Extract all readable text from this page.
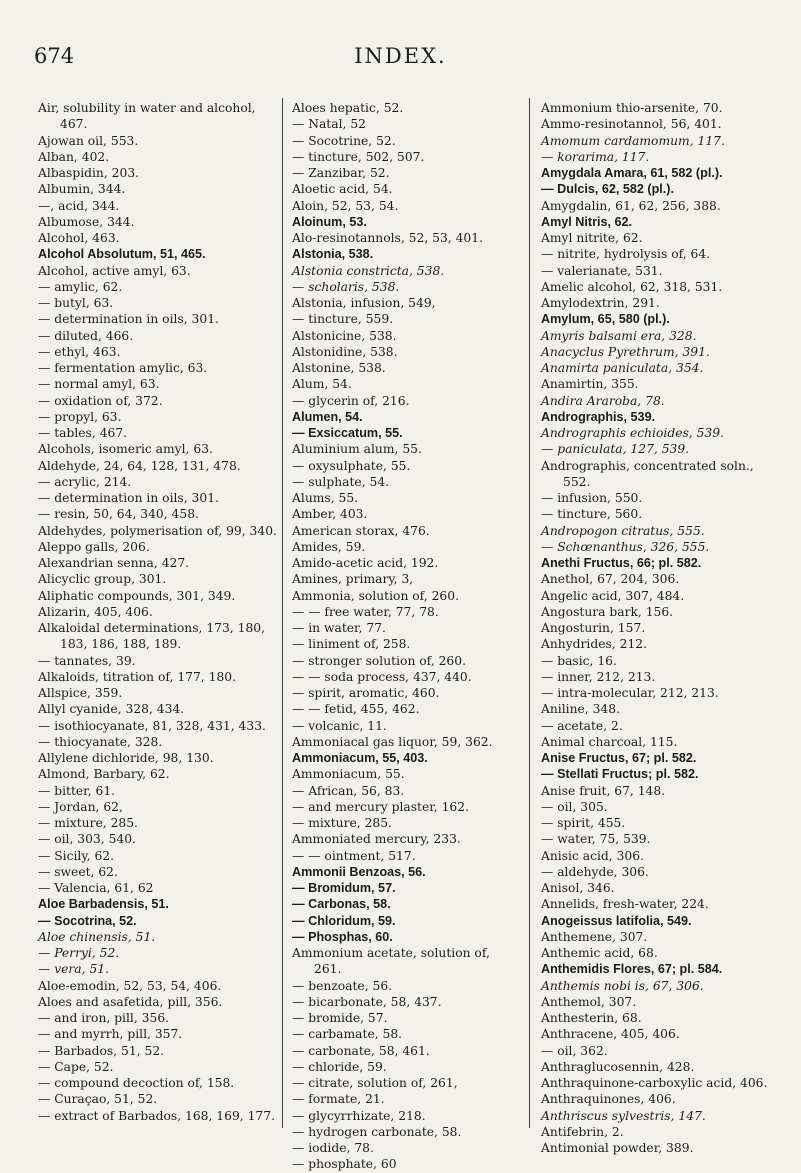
674	INDEX.
Air, solubility in water and alcohol, 467.
Ajowan oil, 553.
Alban, 402.
Albaspidin, 203.
Albumin, 344.
—, acid, 344.
Albumose, 344.
Alcohol, 463.
Alcohol Absolutum, 51, 465.
Alcohol, active amyl, 63.
— amylic, 62.
— butyl, 63.
— determination in oils, 301.
— diluted, 466.
— ethyl, 463.
— fermentation amylic, 63.
— normal amyl, 63.
— oxidation of, 372.
— propyl, 63.
— tables, 467.
Alcohols, isomeric amyl, 63.
Aldehyde, 24, 64, 128, 131, 478.
— acrylic, 214.
— determination in oils, 301.
— resin, 50, 64, 340, 458.
Aldehydes, polymerisation of, 99, 340.
Aleppo galls, 206.
Alexandrian senna, 427.
Alicyclic group, 301.
Aliphatic compounds, 301, 349.
Alizarin, 405, 406.
Alkaloidal determinations, 173, 180, 183, 186, 188, 189.
— tannates, 39.
Alkaloids, titration of, 177, 180.
Allspice, 359.
Allyl cyanide, 328, 434.
— isothiocyanate, 81, 328, 431, 433.
— thiocyanate, 328.
Allylene dichloride, 98, 130.
Almond, Barbary, 62.
— bitter, 61.
— Jordan, 62,
— mixture, 285.
— oil, 303, 540.
— Sicily, 62.
— sweet, 62.
— Valencia, 61, 62
Aloe Barbadensis, 51.
— Socotrina, 52.
Aloe chinensis, 51.
— Perryi, 52.
— vera, 51.
Aloe-emodin, 52, 53, 54, 406.
Aloes and asafetida, pill, 356.
— and iron, pill, 356.
— and myrrh, pill, 357.
— Barbados, 51, 52.
— Cape, 52.
— compound decoction of, 158.
— Curaçao, 51, 52.
— extract of Barbados, 168, 169, 177.
Aloes hepatic, 52.
— Natal, 52
— Socotrine, 52.
— tincture, 502, 507.
— Zanzibar, 52.
Aloetic acid, 54.
Aloin, 52, 53, 54.
Aloinum, 53.
Alo-resinotannols, 52, 53, 401.
Alstonia, 538.
Alstonia constricta, 538.
— scholaris, 538.
Alstonia, infusion, 549,
— tincture, 559.
Alstonicine, 538.
Alstonidine, 538.
Alstonine, 538.
Alum, 54.
— glycerin of, 216.
Alumen, 54.
— Exsiccatum, 55.
Aluminium alum, 55.
— oxysulphate, 55.
— sulphate, 54.
Alums, 55.
Amber, 403.
American storax, 476.
Amides, 59.
Amido-acetic acid, 192.
Amines, primary, 3,
Ammonia, solution of, 260.
— — free water, 77, 78.
— in water, 77.
— liniment of, 258.
— stronger solution of, 260.
— — soda process, 437, 440.
— spirit, aromatic, 460.
— — fetid, 455, 462.
— volcanic, 11.
Ammoniacal gas liquor, 59, 362.
Ammoniacum, 55, 403.
Ammoniacum, 55.
— African, 56, 83.
— and mercury plaster, 162.
— mixture, 285.
Ammoniated mercury, 233.
— — ointment, 517.
Ammonii Benzoas, 56.
— Bromidum, 57.
— Carbonas, 58.
— Chloridum, 59.
— Phosphas, 60.
Ammonium acetate, solution of, 261.
— benzoate, 56.
— bicarbonate, 58, 437.
— bromide, 57.
— carbamate, 58.
— carbonate, 58, 461.
— chloride, 59.
— citrate, solution of, 261,
— formate, 21.
— glycyrrhizate, 218.
— hydrogen carbonate, 58.
— iodide, 78.
— phosphate, 60
Ammonium thio-arsenite, 70.
Ammo-resinotannol, 56, 401.
Amomum cardamomum, 117.
— korarima, 117.
Amygdala Amara, 61, 582 (pl.).
— Dulcis, 62, 582 (pl.).
Amygdalin, 61, 62, 256, 388.
Amyl Nitris, 62.
Amyl nitrite, 62.
— nitrite, hydrolysis of, 64.
— valerianate, 531.
Amelic alcohol, 62, 318, 531.
Amylodextrin, 291.
Amylum, 65, 580 (pl.).
Amyris balsami era, 328.
Anacyclus Pyrethrum, 391.
Anamirta paniculata, 354.
Anamirtin, 355.
Andira Araroba, 78.
Andrographis, 539.
Andrographis echioides, 539.
— paniculata, 127, 539.
Andrographis, concentrated soln., 552.
— infusion, 550.
— tincture, 560.
Andropogon citratus, 555.
— Schœnanthus, 326, 555.
Anethi Fructus, 66; pl. 582.
Anethol, 67, 204, 306.
Angelic acid, 307, 484.
Angostura bark, 156.
Angosturin, 157.
Anhydrides, 212.
— basic, 16.
— inner, 212, 213.
— intra-molecular, 212, 213.
Aniline, 348.
— acetate, 2.
Animal charcoal, 115.
Anise Fructus, 67; pl. 582.
— Stellati Fructus; pl. 582.
Anise fruit, 67, 148.
— oil, 305.
— spirit, 455.
— water, 75, 539.
Anisic acid, 306.
— aldehyde, 306.
Anisol, 346.
Annelids, fresh-water, 224.
Anogeissus latifolia, 549.
Anthemene, 307.
Anthemic acid, 68.
Anthemidis Flores, 67; pl. 584.
Anthemis nobi is, 67, 306.
Anthemol, 307.
Anthesterin, 68.
Anthracene, 405, 406.
— oil, 362.
Anthraglucosennin, 428.
Anthraquinone-carboxylic acid, 406.
Anthraquinones, 406.
Anthriscus sylvestris, 147.
Antifebrin, 2.
Antimonial powder, 389.
